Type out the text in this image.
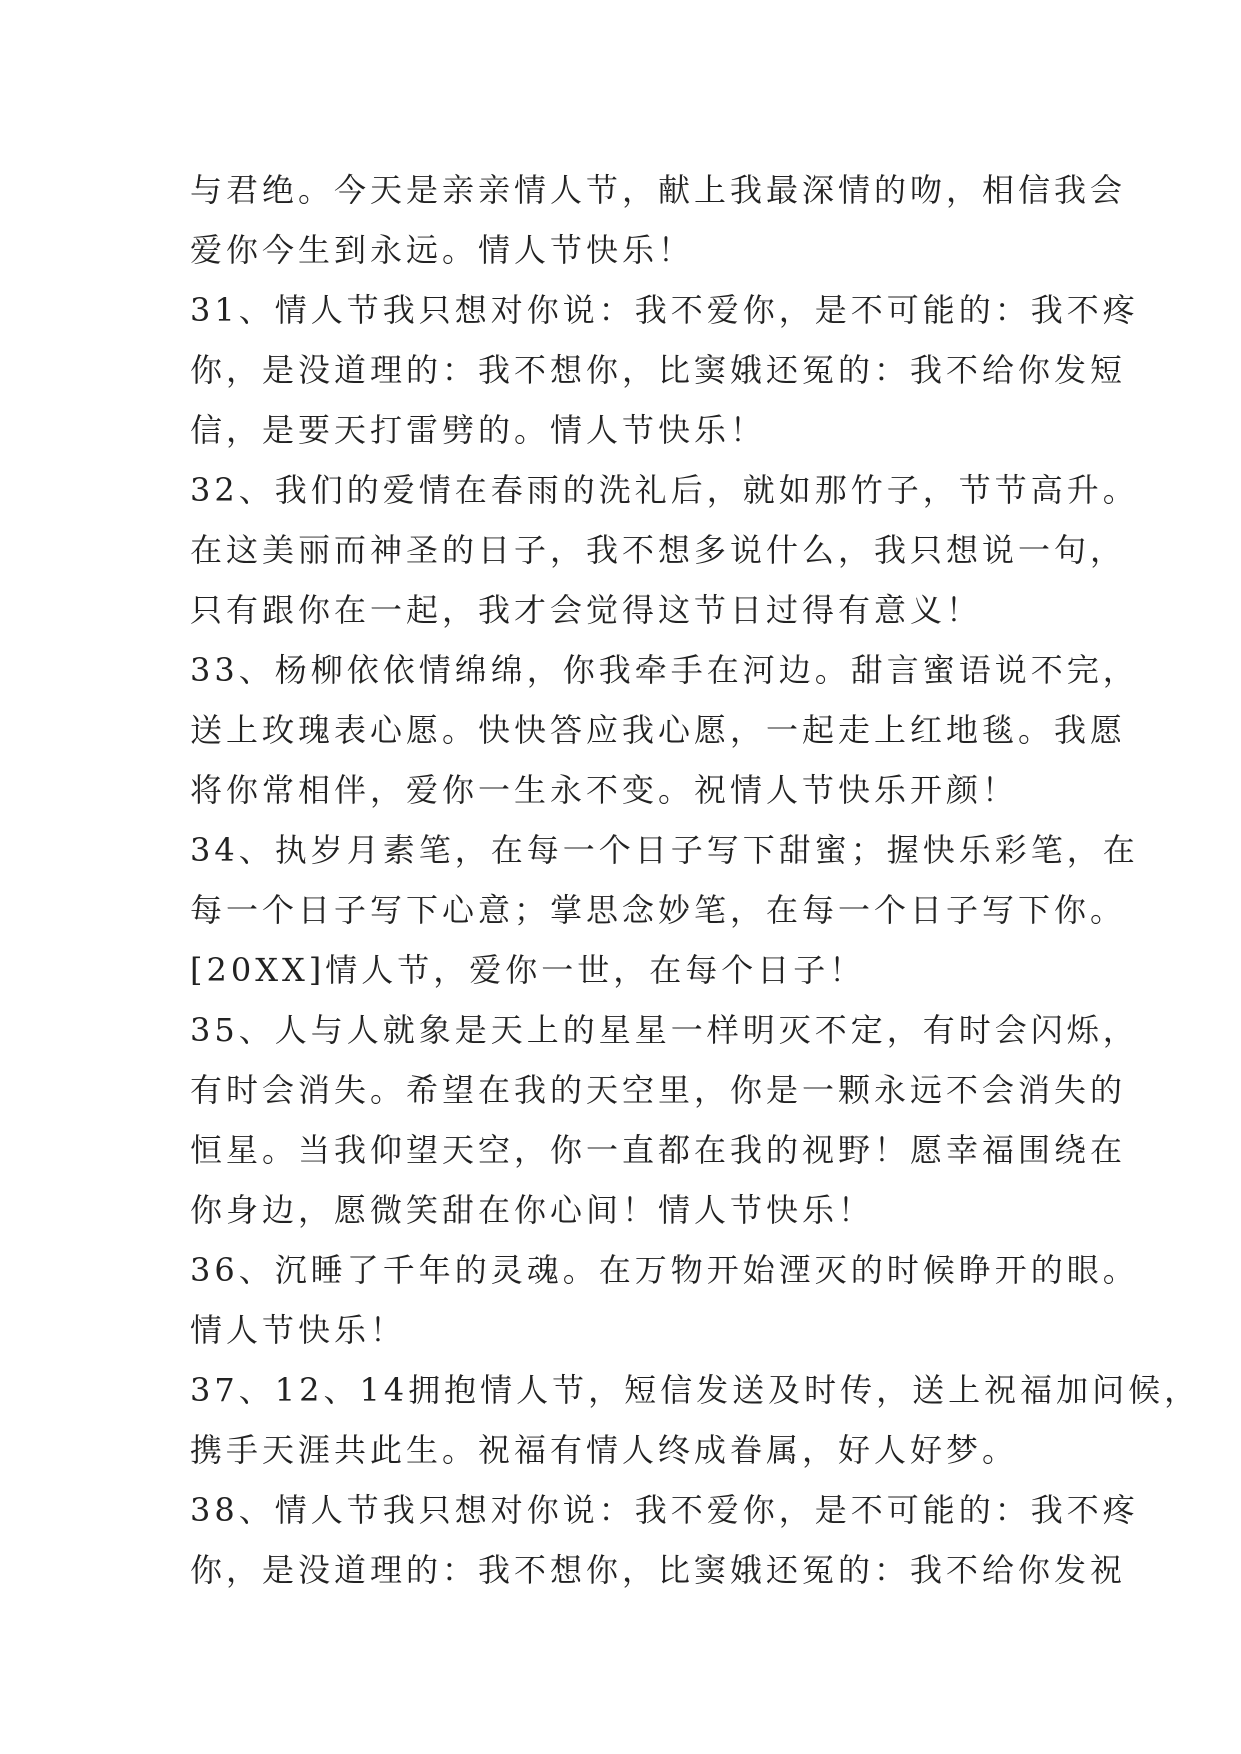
与君绝。今天是亲亲情人节，献上我最深情的吻，相信我会

爱你今生到永远。情人节快乐！

31、情人节我只想对你说：我不爱你，是不可能的：我不疼

你，是没道理的：我不想你，比窦娥还冤的：我不给你发短

信，是要天打雷劈的。情人节快乐！

32、我们的爱情在春雨的洗礼后，就如那竹子，节节高升。

在这美丽而神圣的日子，我不想多说什么，我只想说一句，

只有跟你在一起，我才会觉得这节日过得有意义！

33、杨柳依依情绵绵，你我牵手在河边。甜言蜜语说不完，

送上玫瑰表心愿。快快答应我心愿，一起走上红地毯。我愿

将你常相伴，爱你一生永不变。祝情人节快乐开颜！

34、执岁月素笔，在每一个日子写下甜蜜；握快乐彩笔，在

每一个日子写下心意；掌思念妙笔，在每一个日子写下你。

[20XX]情人节，爱你一世，在每个日子！

35、人与人就象是天上的星星一样明灭不定，有时会闪烁，

有时会消失。希望在我的天空里，你是一颗永远不会消失的

恒星。当我仰望天空，你一直都在我的视野！愿幸福围绕在

你身边，愿微笑甜在你心间！情人节快乐！

36、沉睡了千年的灵魂。在万物开始湮灭的时候睁开的眼。

情人节快乐！

37、12、14拥抱情人节，短信发送及时传，送上祝福加问候，

携手天涯共此生。祝福有情人终成眷属，好人好梦。

38、情人节我只想对你说：我不爱你，是不可能的：我不疼

你，是没道理的：我不想你，比窦娥还冤的：我不给你发祝
